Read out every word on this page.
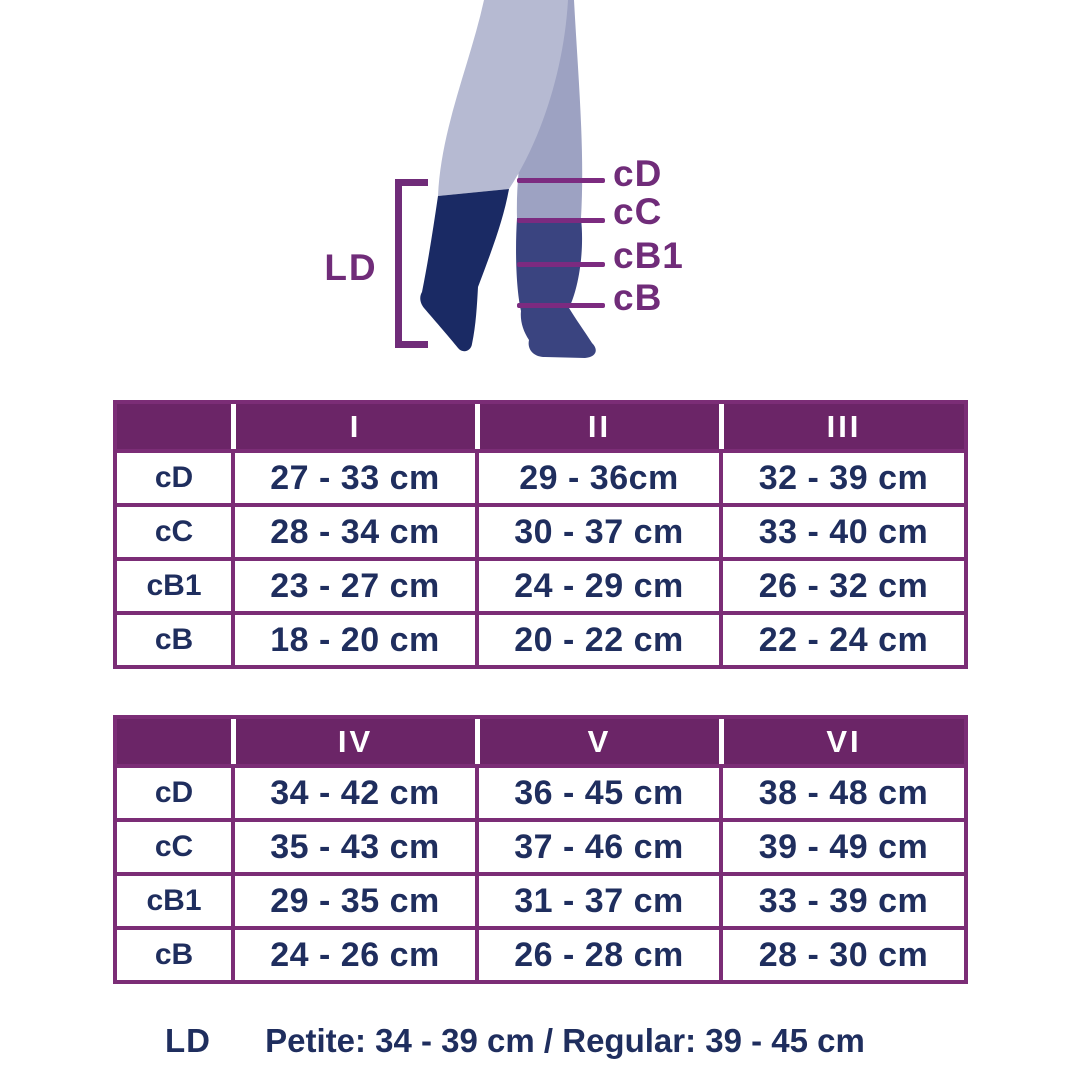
cD
cC
cB1
cB
LD
	I	II	III
cD	27 - 33 cm	29 - 36cm	32 - 39 cm
cC	28 - 34 cm	30 - 37 cm	33 - 40 cm
cB1	23 - 27 cm	24 - 29 cm	26 - 32 cm
cB	18 - 20 cm	20 - 22 cm	22 - 24 cm
	IV	V	VI
cD	34 - 42 cm	36 - 45 cm	38 - 48 cm
cC	35 - 43 cm	37 - 46 cm	39 - 49 cm
cB1	29 - 35 cm	31 - 37 cm	33 - 39 cm
cB	24 - 26 cm	26 - 28 cm	28 - 30 cm
LD	Petite: 34 - 39 cm / Regular: 39 - 45 cm
